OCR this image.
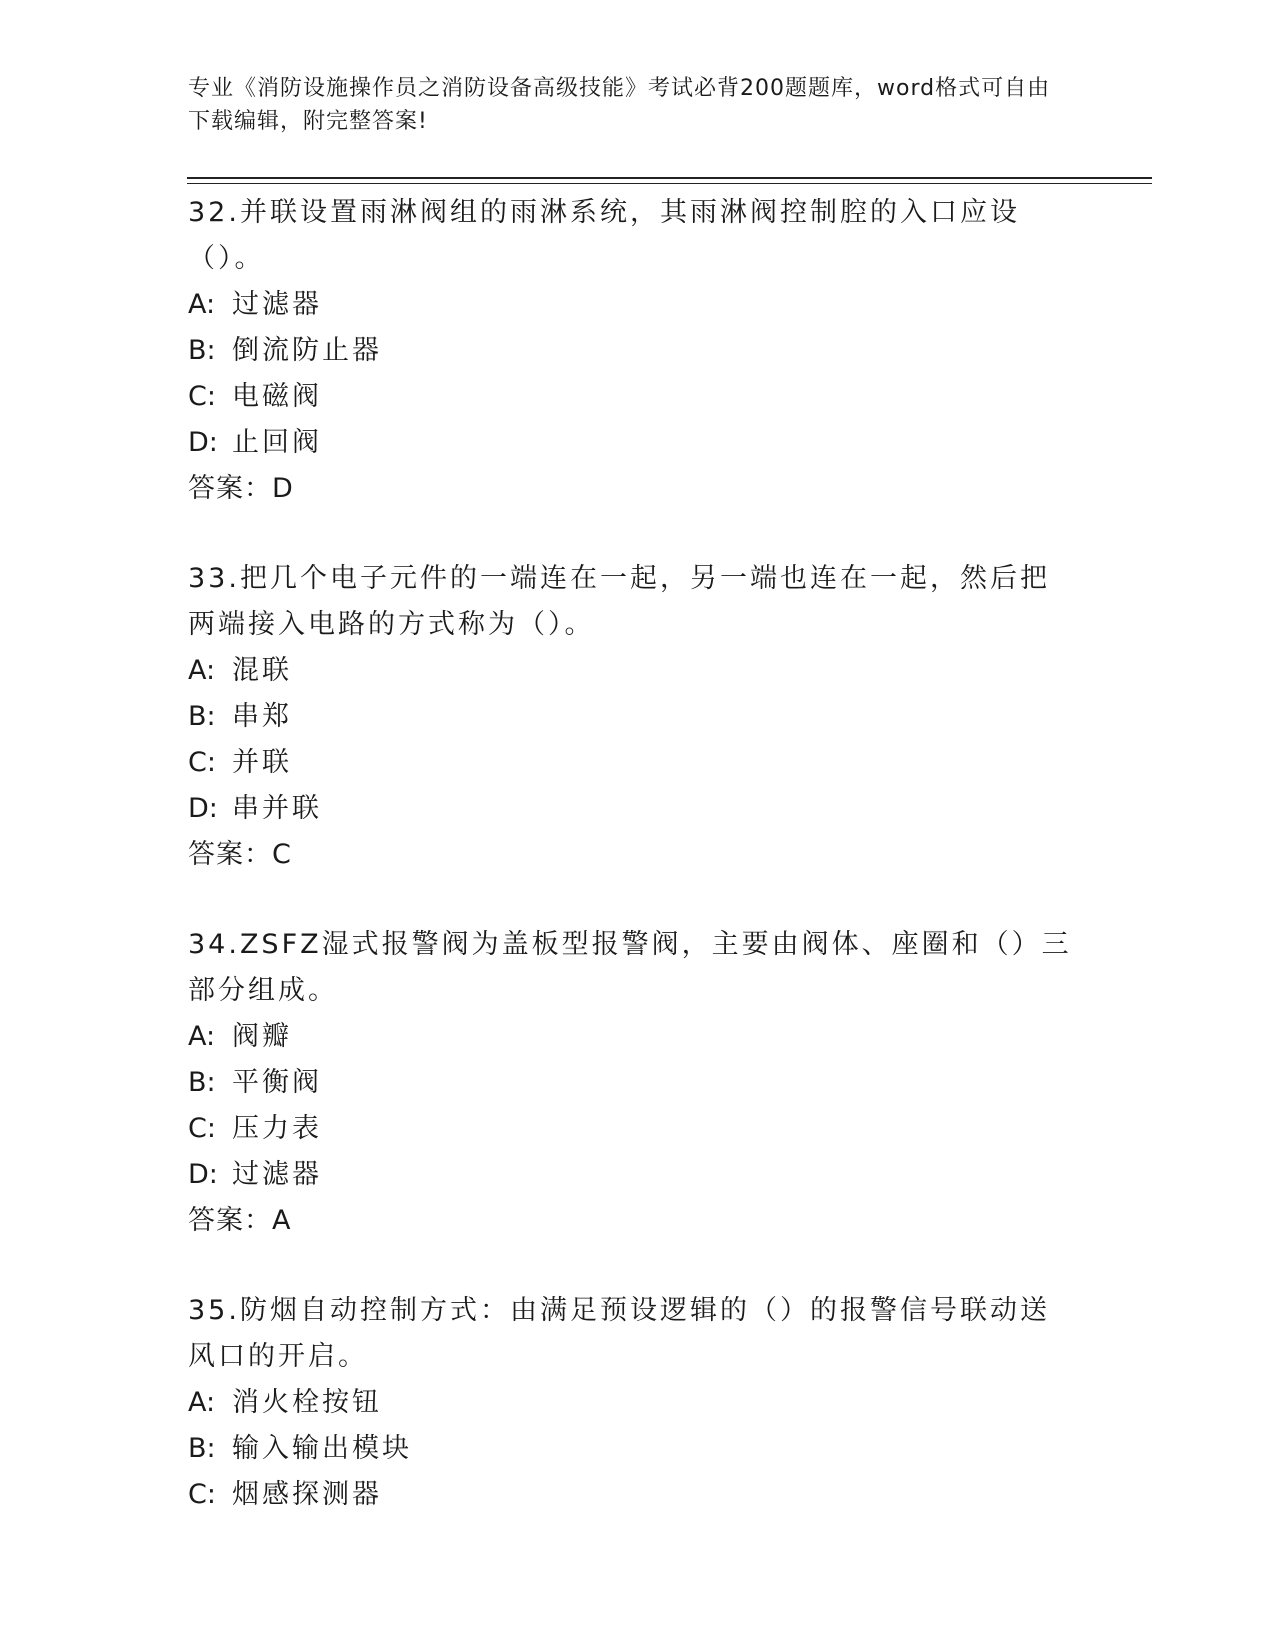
专业《消防设施操作员之消防设备高级技能》考试必背200题题库，word格式可自由下载编辑，附完整答案!
32.并联设置雨淋阀组的雨淋系统，其雨淋阀控制腔的入口应设（）。
A: 过滤器
B: 倒流防止器
C: 电磁阀
D: 止回阀
答案：D
33.把几个电子元件的一端连在一起，另一端也连在一起，然后把两端接入电路的方式称为（）。
A: 混联
B: 串郑
C: 并联
D: 串并联
答案：C
34.ZSFZ湿式报警阀为盖板型报警阀，主要由阀体、座圈和（）三部分组成。
A: 阀瓣
B: 平衡阀
C: 压力表
D: 过滤器
答案：A
35.防烟自动控制方式：由满足预设逻辑的（）的报警信号联动送风口的开启。
A: 消火栓按钮
B: 输入输出模块
C: 烟感探测器
